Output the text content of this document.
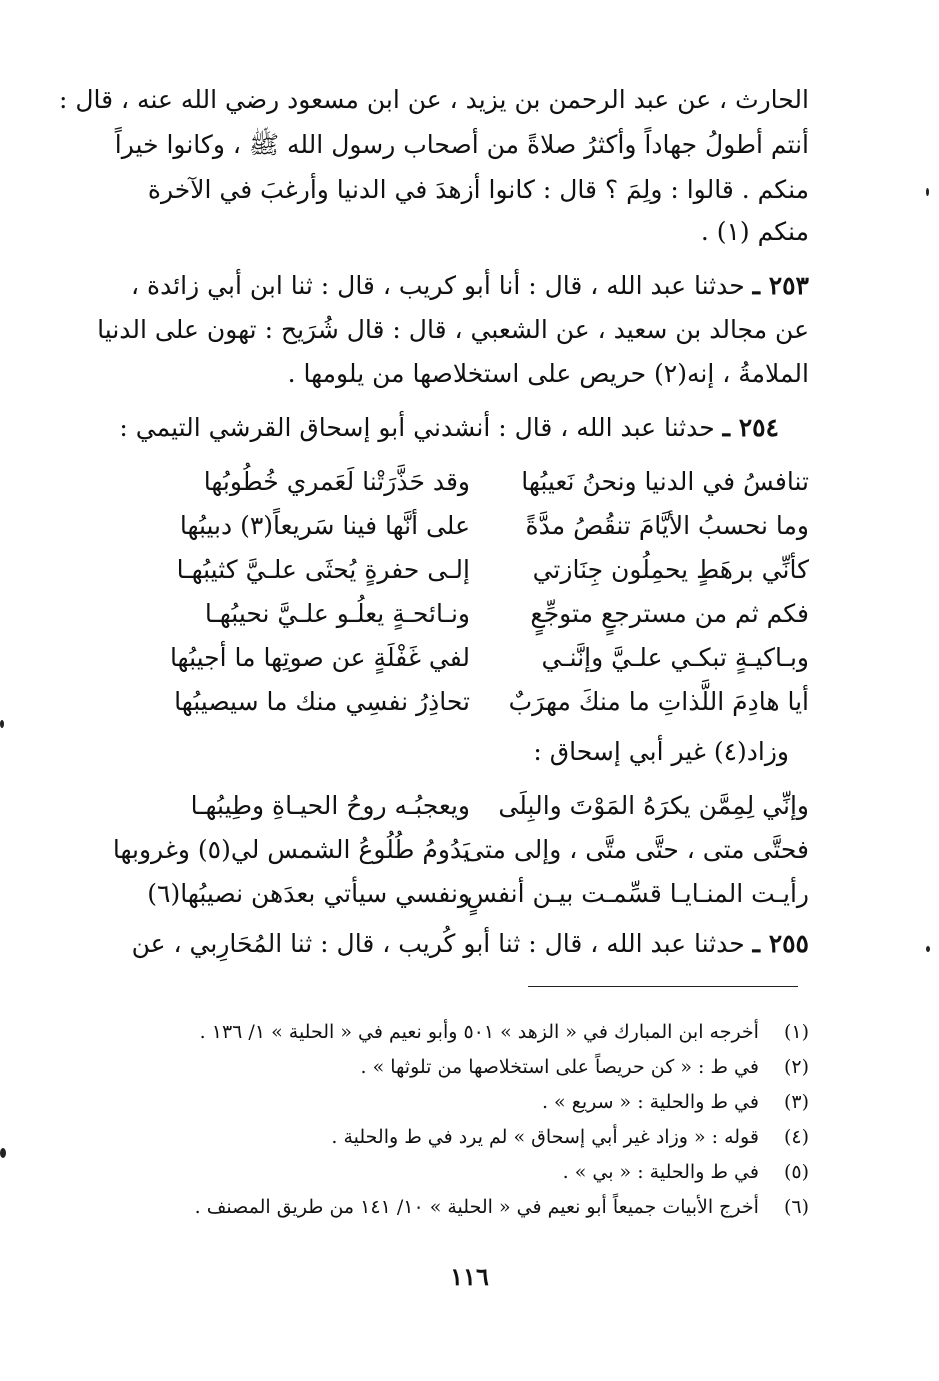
الحارث ، عن عبد الرحمن بن يزيد ، عن ابن مسعود رضي الله عنه ، قال :
أنتم أطولُ جهاداً وأكثرُ صلاةً من أصحاب رسول الله ﷺ ، وكانوا خيراً
منكم . قالوا : ولِمَ ؟ قال : كانوا أزهدَ في الدنيا وأرغبَ في الآخرة
منكم (١) .
٢٥٣ ـ حدثنا عبد الله ، قال : أنا أبو كريب ، قال : ثنا ابن أبي زائدة ،
عن مجالد بن سعيد ، عن الشعبي ، قال : قال شُرَيح : تهون على الدنيا
الملامةُ ، إنه(٢) حريص على استخلاصها من يلومها .
٢٥٤ ـ حدثنا عبد الله ، قال : أنشدني أبو إسحاق القرشي التيمي :
تنافسُ في الدنيا ونحنُ نَعيبُها
وقد حَذَّرَتْنا لَعَمري خُطُوبُها
وما نحسبُ الأيَّامَ تنقُصُ مدَّةً
على أنَّها فينا سَريعاً(٣) دبيبُها
كأنِّي برهَطٍ يحمِلُون جِنَازتي
إلـى حفرةٍ يُحثَى علـيَّ كثيبُهـا
فكم ثم من مسترجعٍ متوجِّعٍ
ونـائحـةٍ يعلُـو علـيَّ نحيبُهـا
وبـاكيـةٍ تبكـي علـيَّ وإنَّنـي
لفي غَفْلَةٍ عن صوتِها ما أجيبُها
أيا هادِمَ اللَّذاتِ ما منكَ مهرَبٌ
تحاذِرُ نفسِي منك ما سيصيبُها
وزاد(٤) غير أبي إسحاق :
وإنِّي لِمِمَّن يكرَهُ المَوْتَ والبِلَى
ويعجبُـه روحُ الحيـاةِ وطِيبُهـا
فحتَّى متى ، حتَّى متَّى ، وإلى متى
يَدُومُ طُلُوعُ الشمس لي(٥) وغروبها
رأيـت المنـايـا قسِّمـت بيـن أنفسٍ
ونفسي سيأتي بعدَهن نصيبُها(٦)
٢٥٥ ـ حدثنا عبد الله ، قال : ثنا أبو كُريب ، قال : ثنا المُحَارِبي ، عن
(١) أخرجه ابن المبارك في « الزهد » ٥٠١ وأبو نعيم في « الحلية » ١/ ١٣٦ .
(٢) في ط : « كن حريصاً على استخلاصها من تلوثها » .
(٣) في ط والحلية : « سريع » .
(٤) قوله : « وزاد غير أبي إسحاق » لم يرد في ط والحلية .
(٥) في ط والحلية : « بي » .
(٦) أخرج الأبيات جميعاً أبو نعيم في « الحلية » ١٠/ ١٤١ من طريق المصنف .
١١٦
